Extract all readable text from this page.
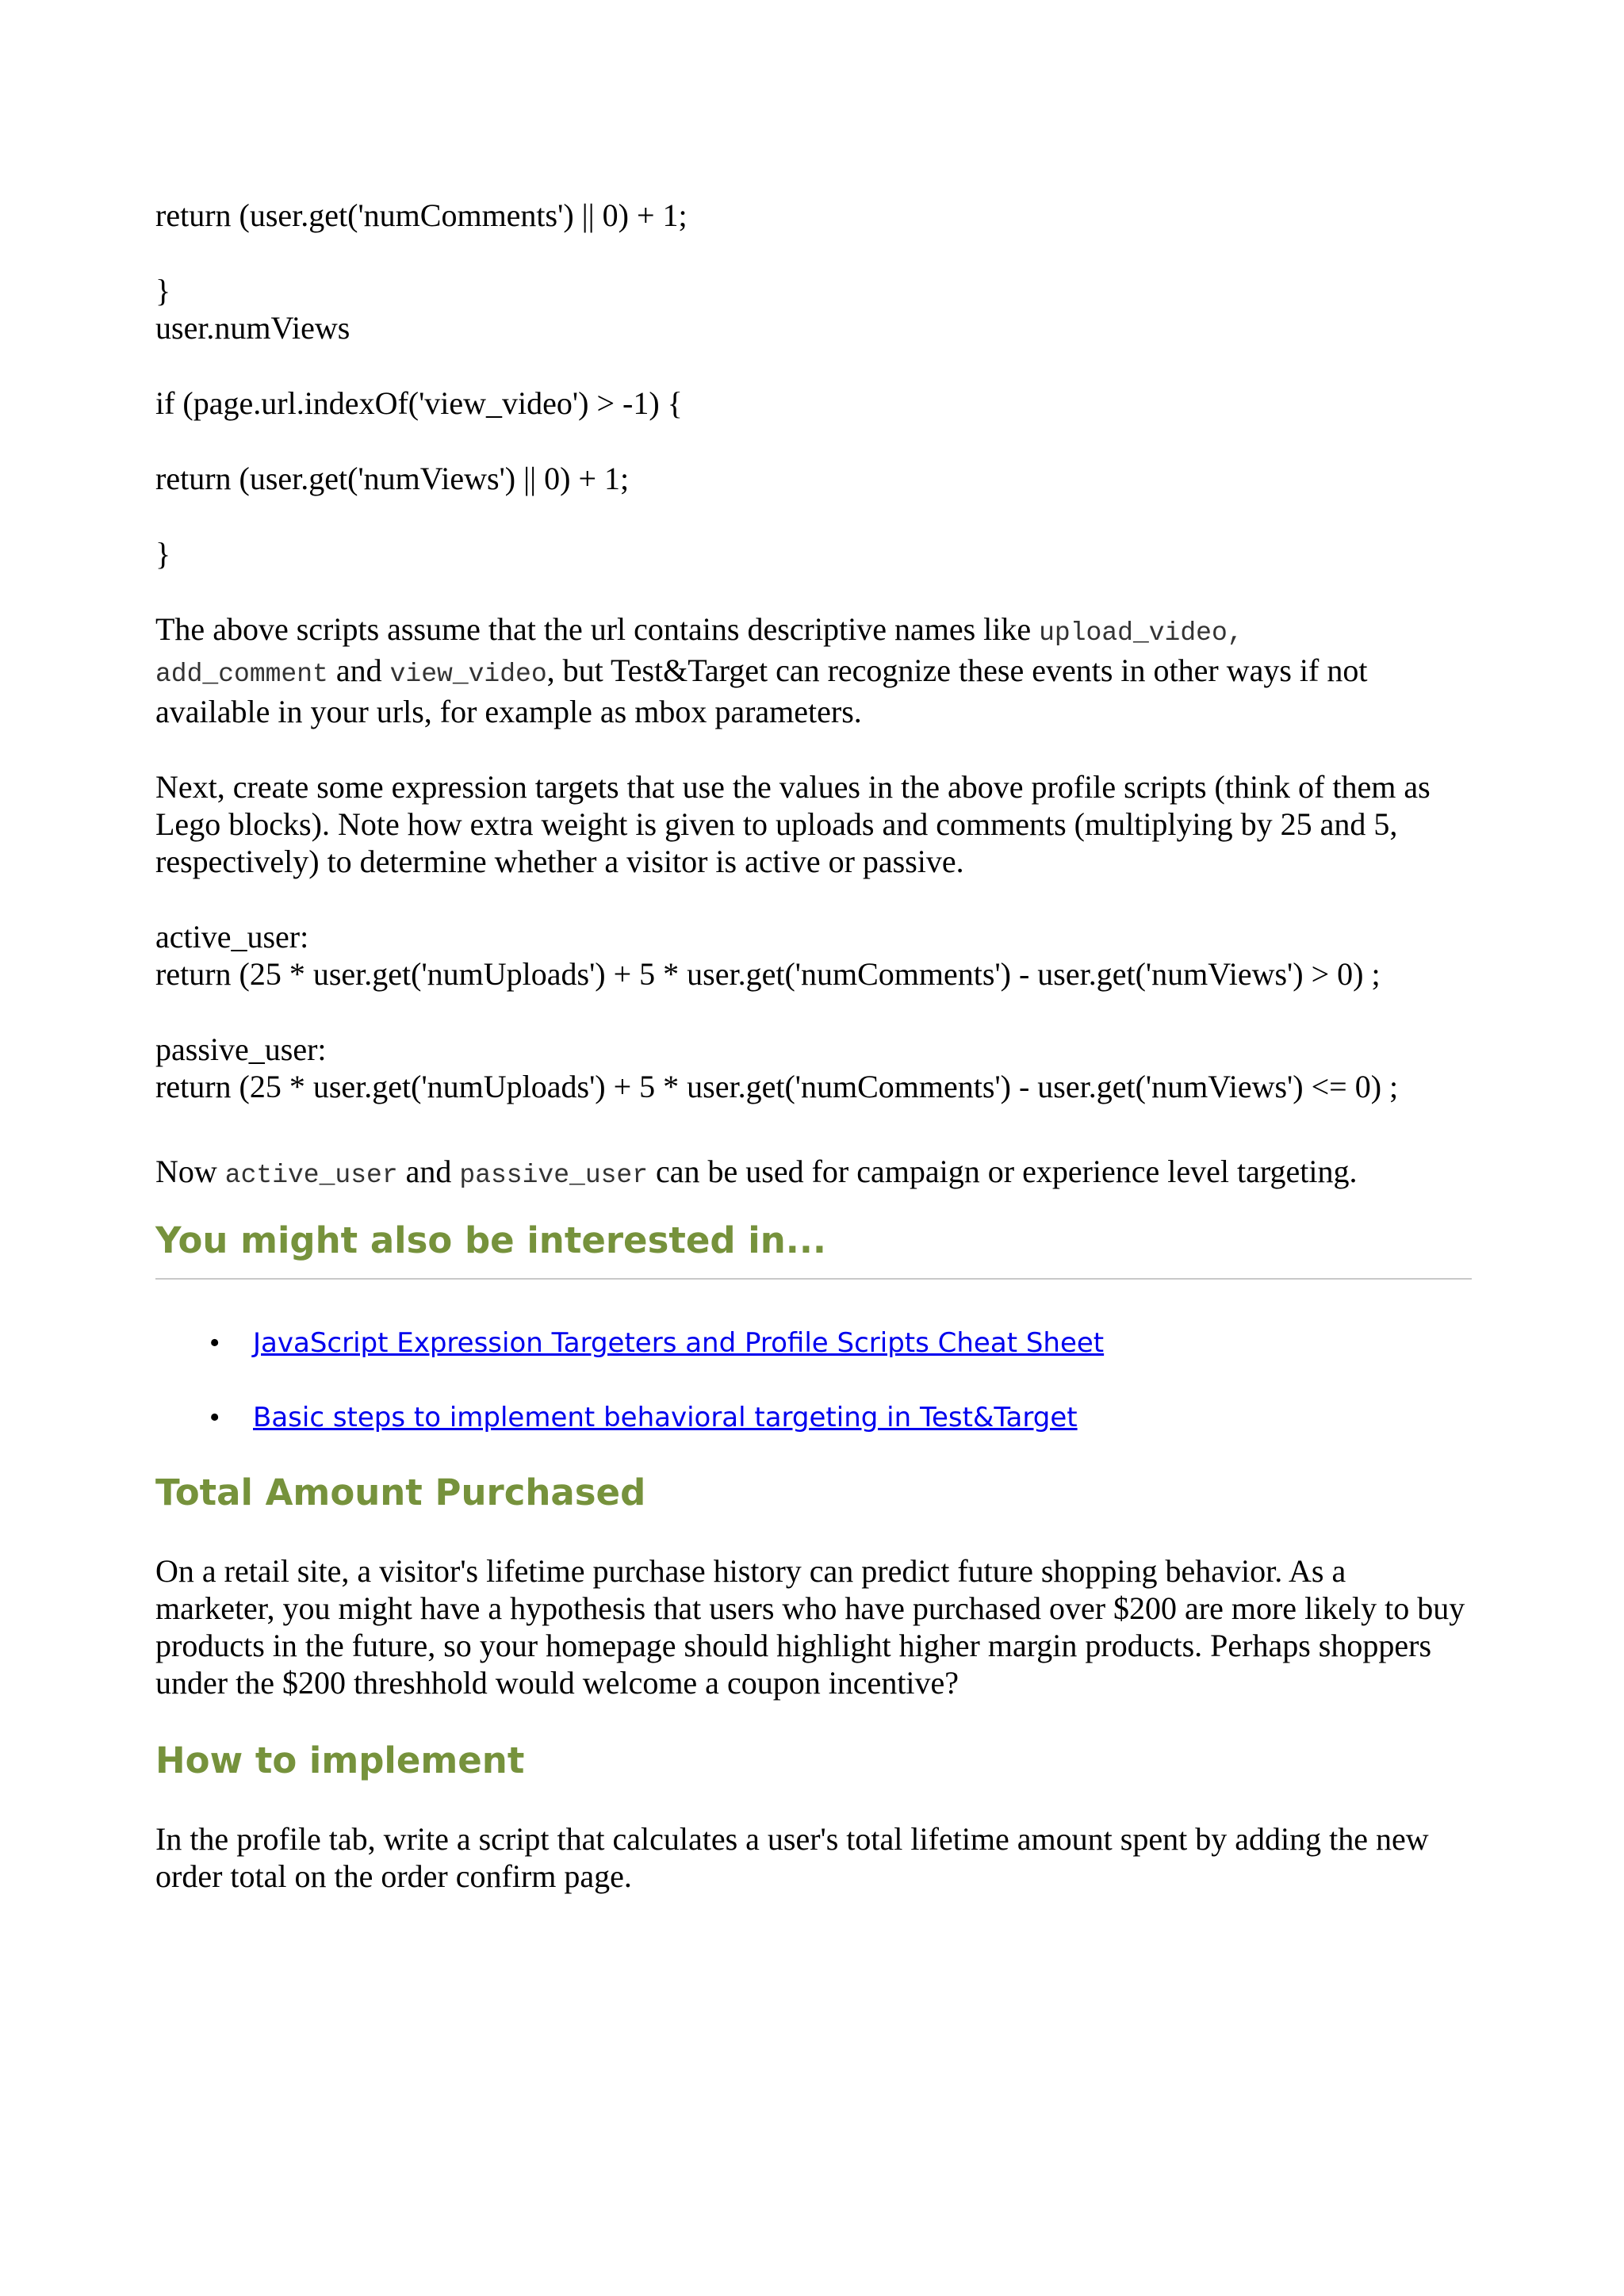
return (user.get('numComments') || 0) + 1;

}

user.numViews

if (page.url.indexOf('view_video') > -1) {

return (user.get('numViews') || 0) + 1;

}

The above scripts assume that the url contains descriptive names like upload_video,
add_comment and view_video, but Test&Target can recognize these events in other ways if not available in your urls, for example as mbox parameters.

Next, create some expression targets that use the values in the above profile scripts (think of them as Lego blocks). Note how extra weight is given to uploads and comments (multiplying by 25 and 5, respectively) to determine whether a visitor is active or passive.

active_user:

return (25 * user.get('numUploads') + 5 * user.get('numComments') - user.get('numViews') > 0) ;

passive_user:

return (25 * user.get('numUploads') + 5 * user.get('numComments') - user.get('numViews') <= 0) ;

Now active_user and passive_user can be used for campaign or experience level targeting.

You might also be interested in...
• JavaScript Expression Targeters and Profile Scripts Cheat Sheet
• Basic steps to implement behavioral targeting in Test&Target
Total Amount Purchased

On a retail site, a visitor's lifetime purchase history can predict future shopping behavior. As a marketer, you might have a hypothesis that users who have purchased over $200 are more likely to buy products in the future, so your homepage should highlight higher margin products. Perhaps shoppers under the $200 threshhold would welcome a coupon incentive?

How to implement

In the profile tab, write a script that calculates a user's total lifetime amount spent by adding the new order total on the order confirm page.
